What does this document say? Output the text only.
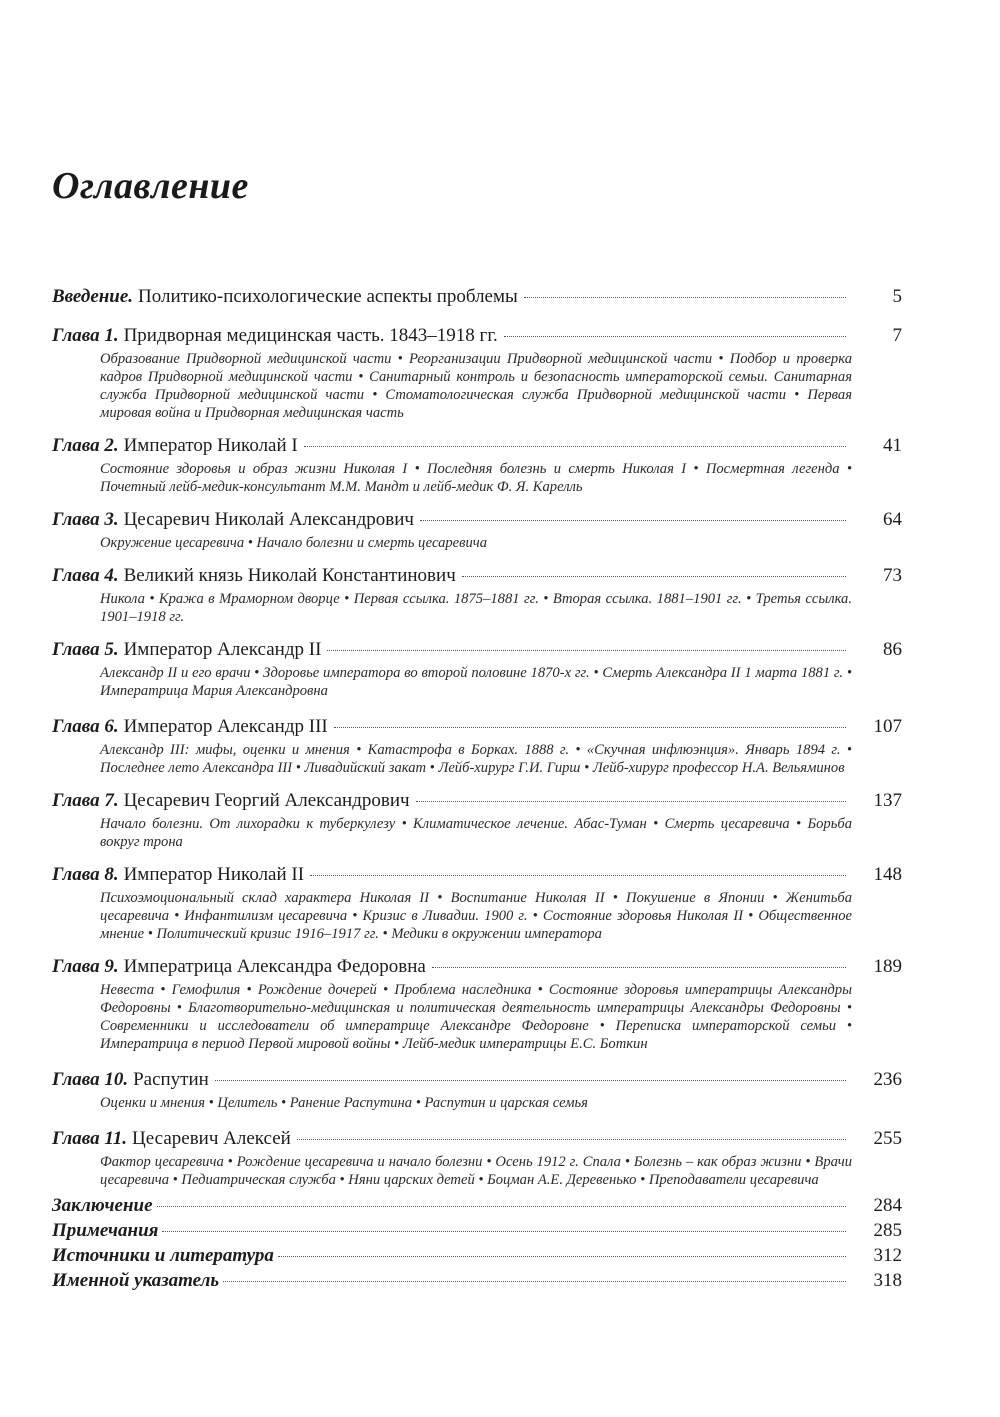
Оглавление
Введение. Политико-психологические аспекты проблемы	5
Глава 1. Придворная медицинская часть. 1843–1918 гг.	7
Образование Придворной медицинской части • Реорганизации Придворной медицинской части • Подбор и проверка кадров Придворной медицинской части • Санитарный контроль и безопасность императорской семьи. Санитарная служба Придворной медицинской части • Стоматологическая служба Придворной медицинской части • Первая мировая война и Придворная медицинская часть
Глава 2. Император Николай I	41
Состояние здоровья и образ жизни Николая I • Последняя болезнь и смерть Николая I • Посмертная легенда • Почетный лейб-медик-консультант М.М. Мандт и лейб-медик Ф. Я. Карелль
Глава 3. Цесаревич Николай Александрович	64
Окружение цесаревича • Начало болезни и смерть цесаревича
Глава 4. Великий князь Николай Константинович	73
Никола • Кража в Мраморном дворце • Первая ссылка. 1875–1881 гг. • Вторая ссылка. 1881–1901 гг. • Третья ссылка. 1901–1918 гг.
Глава 5. Император Александр II	86
Александр II и его врачи • Здоровье императора во второй половине 1870-х гг. • Смерть Александра II 1 марта 1881 г. • Императрица Мария Александровна
Глава 6. Император Александр III	107
Александр III: мифы, оценки и мнения • Катастрофа в Борках. 1888 г. • «Скучная инфлюэнция». Январь 1894 г. • Последнее лето Александра III • Ливадийский закат • Лейб-хирург Г.И. Гирш • Лейб-хирург профессор Н.А. Вельяминов
Глава 7. Цесаревич Георгий Александрович	137
Начало болезни. От лихорадки к туберкулезу • Климатическое лечение. Абас-Туман • Смерть цесаревича • Борьба вокруг трона
Глава 8. Император Николай II	148
Психоэмоциональный склад характера Николая II • Воспитание Николая II • Покушение в Японии • Женитьба цесаревича • Инфантилизм цесаревича • Кризис в Ливадии. 1900 г. • Состояние здоровья Николая II • Общественное мнение • Политический кризис 1916–1917 гг. • Медики в окружении императора
Глава 9. Императрица Александра Федоровна	189
Невеста • Гемофилия • Рождение дочерей • Проблема наследника • Состояние здоровья императрицы Александры Федоровны • Благотворительно-медицинская и политическая деятельность императрицы Александры Федоровны • Современники и исследователи об императрице Александре Федоровне • Переписка императорской семьи • Императрица в период Первой мировой войны • Лейб-медик императрицы Е.С. Боткин
Глава 10. Распутин	236
Оценки и мнения • Целитель • Ранение Распутина • Распутин и царская семья
Глава 11. Цесаревич Алексей	255
Фактор цесаревича • Рождение цесаревича и начало болезни • Осень 1912 г. Спала • Болезнь – как образ жизни • Врачи цесаревича • Педиатрическая служба • Няни царских детей • Боцман А.Е. Деревенько • Преподаватели цесаревича
Заключение	284
Примечания	285
Источники и литература	312
Именной указатель	318
